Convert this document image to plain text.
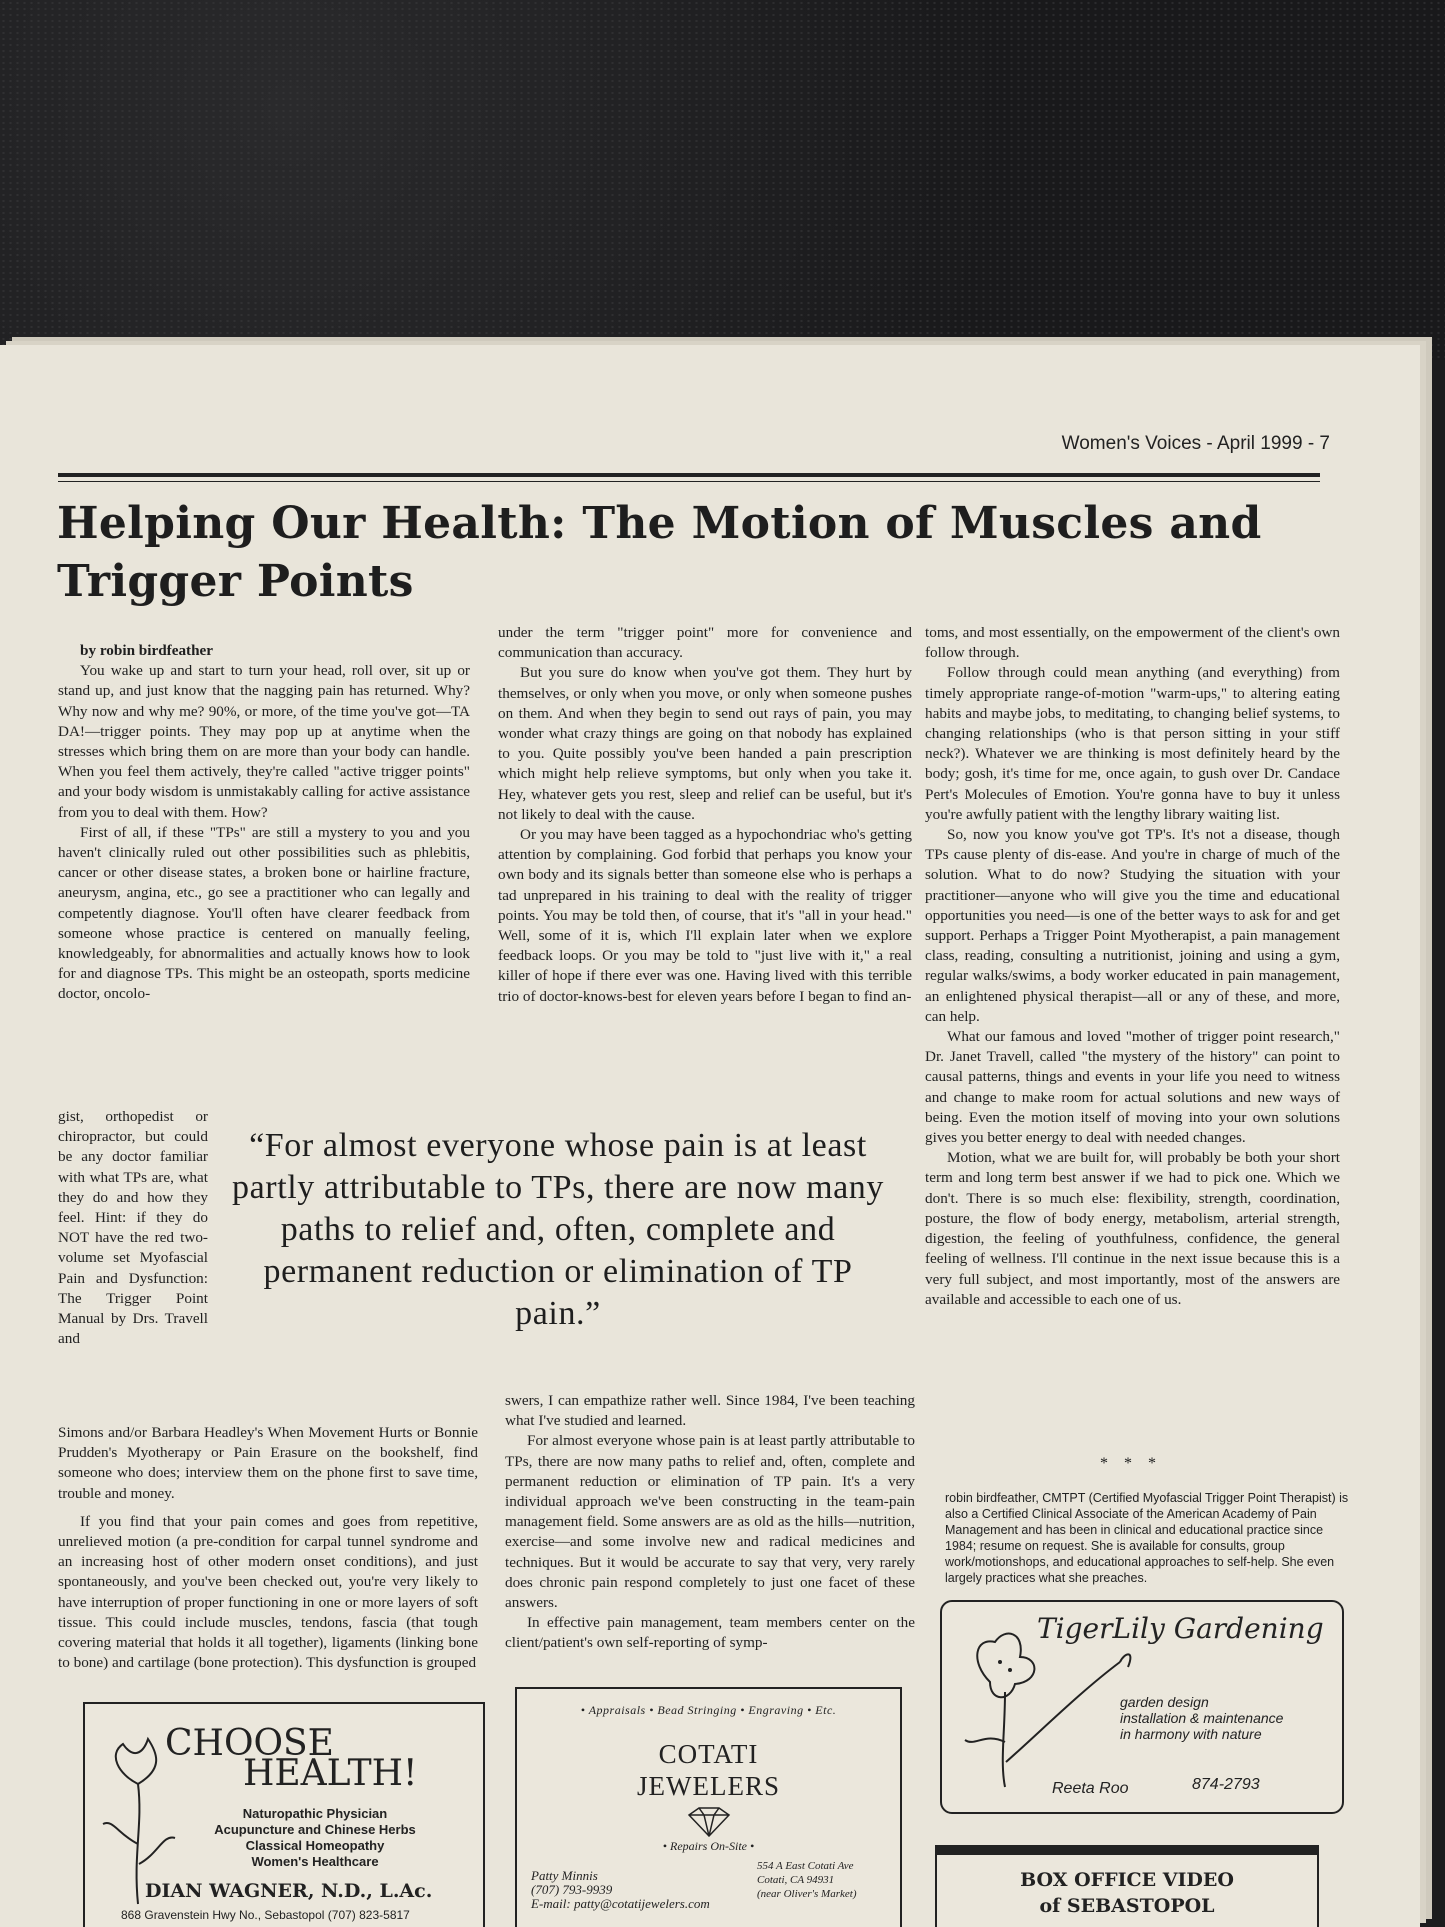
Women's Voices - April 1999 - 7
Helping Our Health: The Motion of Muscles and Trigger Points

by robin birdfeather

You wake up and start to turn your head, roll over, sit up or stand up, and just know that the nagging pain has returned. Why? Why now and why me? 90%, or more, of the time you've got—TA DA!—trigger points. They may pop up at anytime when the stresses which bring them on are more than your body can handle. When you feel them actively, they're called "active trigger points" and your body wisdom is unmistakably calling for active assistance from you to deal with them. How?

First of all, if these "TPs" are still a mystery to you and you haven't clinically ruled out other possibilities such as phlebitis, cancer or other disease states, a broken bone or hairline fracture, aneurysm, angina, etc., go see a practitioner who can legally and competently diagnose. You'll often have clearer feedback from someone whose practice is centered on manually feeling, knowledgeably, for abnormalities and actually knows how to look for and diagnose TPs. This might be an osteopath, sports medicine doctor, oncolo-

gist, orthopedist or chiropractor, but could be any doctor familiar with what TPs are, what they do and how they feel. Hint: if they do NOT have the red two-volume set Myofascial Pain and Dysfunction: The Trigger Point Manual by Drs. Travell and

Simons and/or Barbara Headley's When Movement Hurts or Bonnie Prudden's Myotherapy or Pain Erasure on the bookshelf, find someone who does; interview them on the phone first to save time, trouble and money.

If you find that your pain comes and goes from repetitive, unrelieved motion (a pre-condition for carpal tunnel syndrome and an increasing host of other modern onset conditions), and just spontaneously, and you've been checked out, you're very likely to have interruption of proper functioning in one or more layers of soft tissue. This could include muscles, tendons, fascia (that tough covering material that holds it all together), ligaments (linking bone to bone) and cartilage (bone protection). This dysfunction is grouped

under the term "trigger point" more for convenience and communication than accuracy.

But you sure do know when you've got them. They hurt by themselves, or only when you move, or only when someone pushes on them. And when they begin to send out rays of pain, you may wonder what crazy things are going on that nobody has explained to you. Quite possibly you've been handed a pain prescription which might help relieve symptoms, but only when you take it. Hey, whatever gets you rest, sleep and relief can be useful, but it's not likely to deal with the cause.

Or you may have been tagged as a hypochondriac who's getting attention by complaining. God forbid that perhaps you know your own body and its signals better than someone else who is perhaps a tad unprepared in his training to deal with the reality of trigger points. You may be told then, of course, that it's "all in your head." Well, some of it is, which I'll explain later when we explore feedback loops. Or you may be told to "just live with it," a real killer of hope if there ever was one. Having lived with this terrible trio of doctor-knows-best for eleven years before I began to find an-

“For almost everyone whose pain is at least partly attributable to TPs, there are now many paths to relief and, often, complete and permanent reduction or elimination of TP pain.”

swers, I can empathize rather well. Since 1984, I've been teaching what I've studied and learned.

For almost everyone whose pain is at least partly attributable to TPs, there are now many paths to relief and, often, complete and permanent reduction or elimination of TP pain. It's a very individual approach we've been constructing in the team-pain management field. Some answers are as old as the hills—nutrition, exercise—and some involve new and radical medicines and techniques. But it would be accurate to say that very, very rarely does chronic pain respond completely to just one facet of these answers.

In effective pain management, team members center on the client/patient's own self-reporting of symp-

toms, and most essentially, on the empowerment of the client's own follow through.

Follow through could mean anything (and everything) from timely appropriate range-of-motion "warm-ups," to altering eating habits and maybe jobs, to meditating, to changing belief systems, to changing relationships (who is that person sitting in your stiff neck?). Whatever we are thinking is most definitely heard by the body; gosh, it's time for me, once again, to gush over Dr. Candace Pert's Molecules of Emotion. You're gonna have to buy it unless you're awfully patient with the lengthy library waiting list.

So, now you know you've got TP's. It's not a disease, though TPs cause plenty of dis-ease. And you're in charge of much of the solution. What to do now? Studying the situation with your practitioner—anyone who will give you the time and educational opportunities you need—is one of the better ways to ask for and get support. Perhaps a Trigger Point Myotherapist, a pain management class, reading, consulting a nutritionist, joining and using a gym, regular walks/swims, a body worker educated in pain management, an enlightened physical therapist—all or any of these, and more, can help.

What our famous and loved "mother of trigger point research," Dr. Janet Travell, called "the mystery of the history" can point to causal patterns, things and events in your life you need to witness and change to make room for actual solutions and new ways of being. Even the motion itself of moving into your own solutions gives you better energy to deal with needed changes.

Motion, what we are built for, will probably be both your short term and long term best answer if we had to pick one. Which we don't. There is so much else: flexibility, strength, coordination, posture, the flow of body energy, metabolism, arterial strength, digestion, the feeling of youthfulness, confidence, the general feeling of wellness. I'll continue in the next issue because this is a very full subject, and most importantly, most of the answers are available and accessible to each one of us.

* * *
robin birdfeather, CMTPT (Certified Myofascial Trigger Point Therapist) is also a Certified Clinical Associate of the American Academy of Pain Management and has been in clinical and educational practice since 1984; resume on request. She is available for consults, group work/motionshops, and educational approaches to self-help. She even largely practices what she preaches.
CHOOSE
HEALTH!
Naturopathic Physician
Acupuncture and Chinese Herbs
Classical Homeopathy
Women's Healthcare
DIAN WAGNER, N.D., L.Ac.
868 Gravenstein Hwy No., Sebastopol (707) 823-5817
• Appraisals • Bead Stringing • Engraving • Etc.
COTATI
JEWELERS
• Repairs On-Site •
Patty Minnis
(707) 793-9939
E-mail: patty@cotatijewelers.com
554 A East Cotati Ave
Cotati, CA 94931
(near Oliver's Market)
TigerLily Gardening
garden design
installation & maintenance
in harmony with nature
Reeta Roo	874-2793
BOX OFFICE VIDEO
of SEBASTOPOL
